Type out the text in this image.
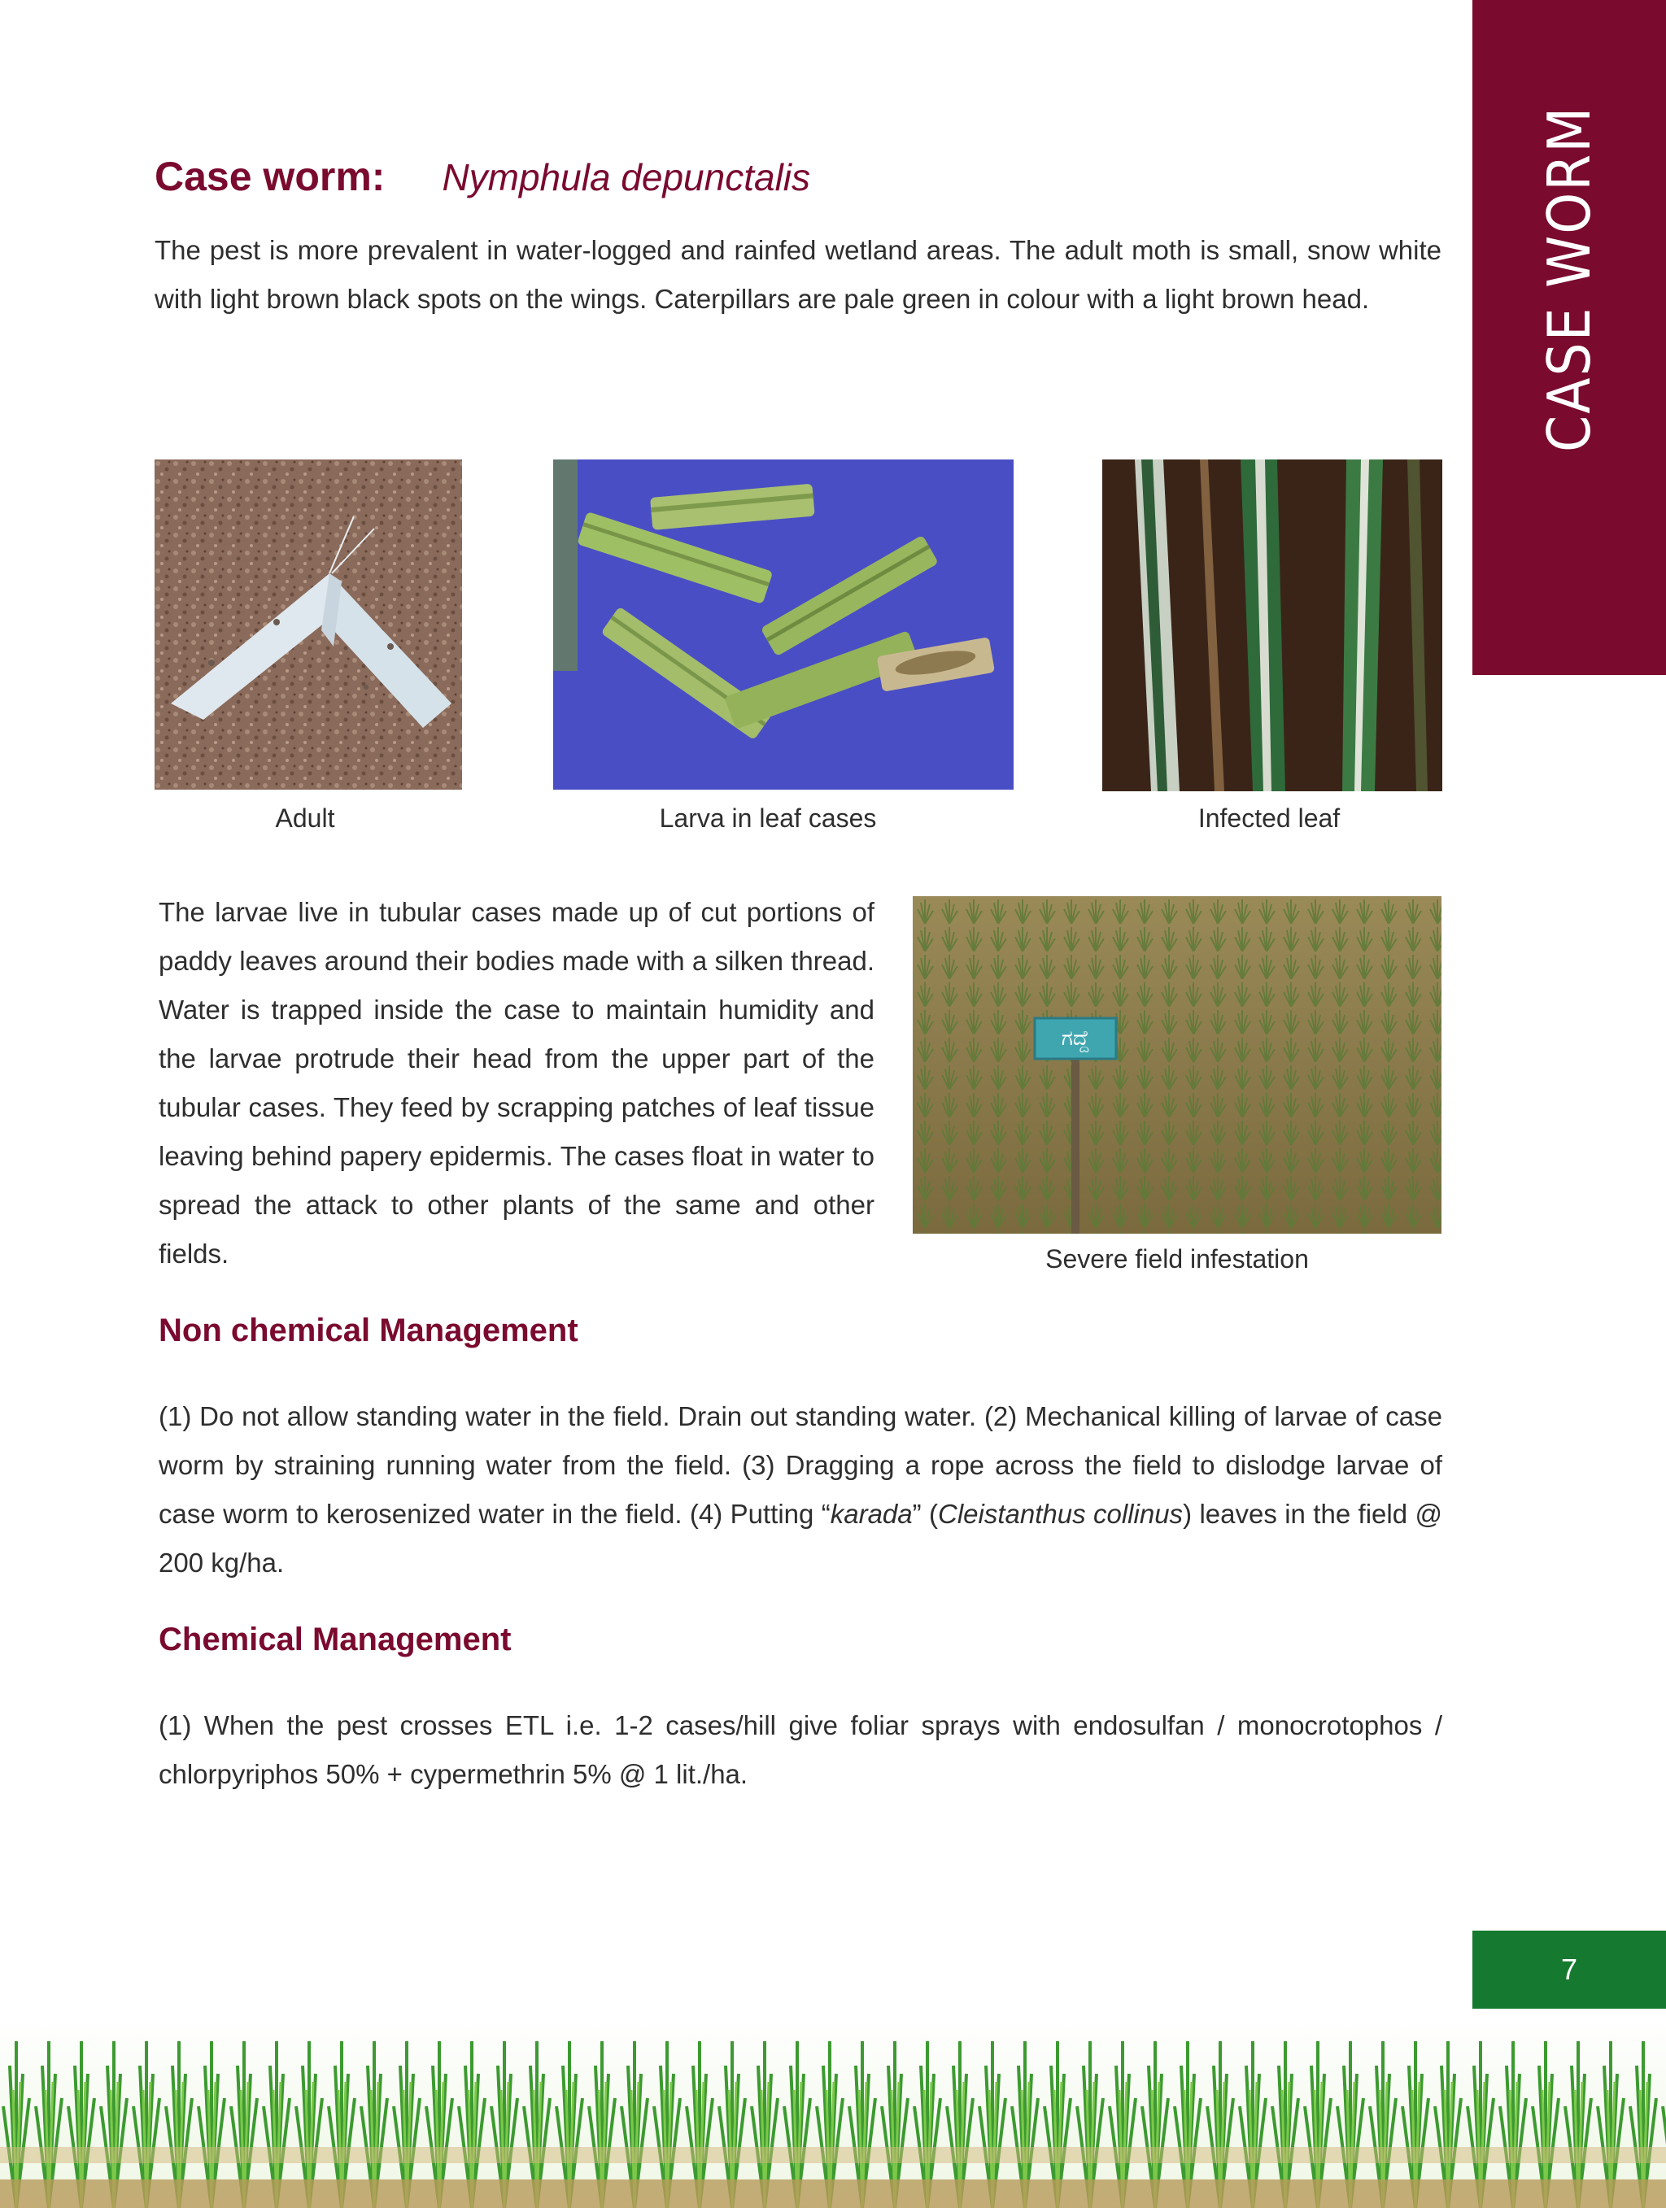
CASE WORM
Case worm: Nymphula depunctalis

The pest is more prevalent in water-logged and rainfed wetland areas. The adult moth is small, snow white with light brown black spots on the wings. Caterpillars are pale green in colour with a light brown head.

Adult	Larva in leaf cases	Infected leaf

The larvae live in tubular cases made up of cut portions of paddy leaves around their bodies made with a silken thread. Water is trapped inside the case to maintain humidity and the larvae protrude their head from the upper part of the tubular cases. They feed by scrapping patches of leaf tissue leaving behind papery epidermis. The cases float in water to spread the attack to other plants of the same and other fields.

ಗದ್ದೆ
Severe field infestation
Non chemical Management

(1) Do not allow standing water in the field. Drain out standing water. (2) Mechanical killing of larvae of case worm by straining running water from the field. (3) Dragging a rope across the field to dislodge larvae of case worm to kerosenized water in the field. (4) Putting “karada” (Cleistanthus collinus) leaves in the field @ 200 kg/ha.

Chemical Management

(1) When the pest crosses ETL i.e. 1-2 cases/hill give foliar sprays with endosulfan / monocrotophos / chlorpyriphos 50% + cypermethrin 5% @ 1 lit./ha.

7
